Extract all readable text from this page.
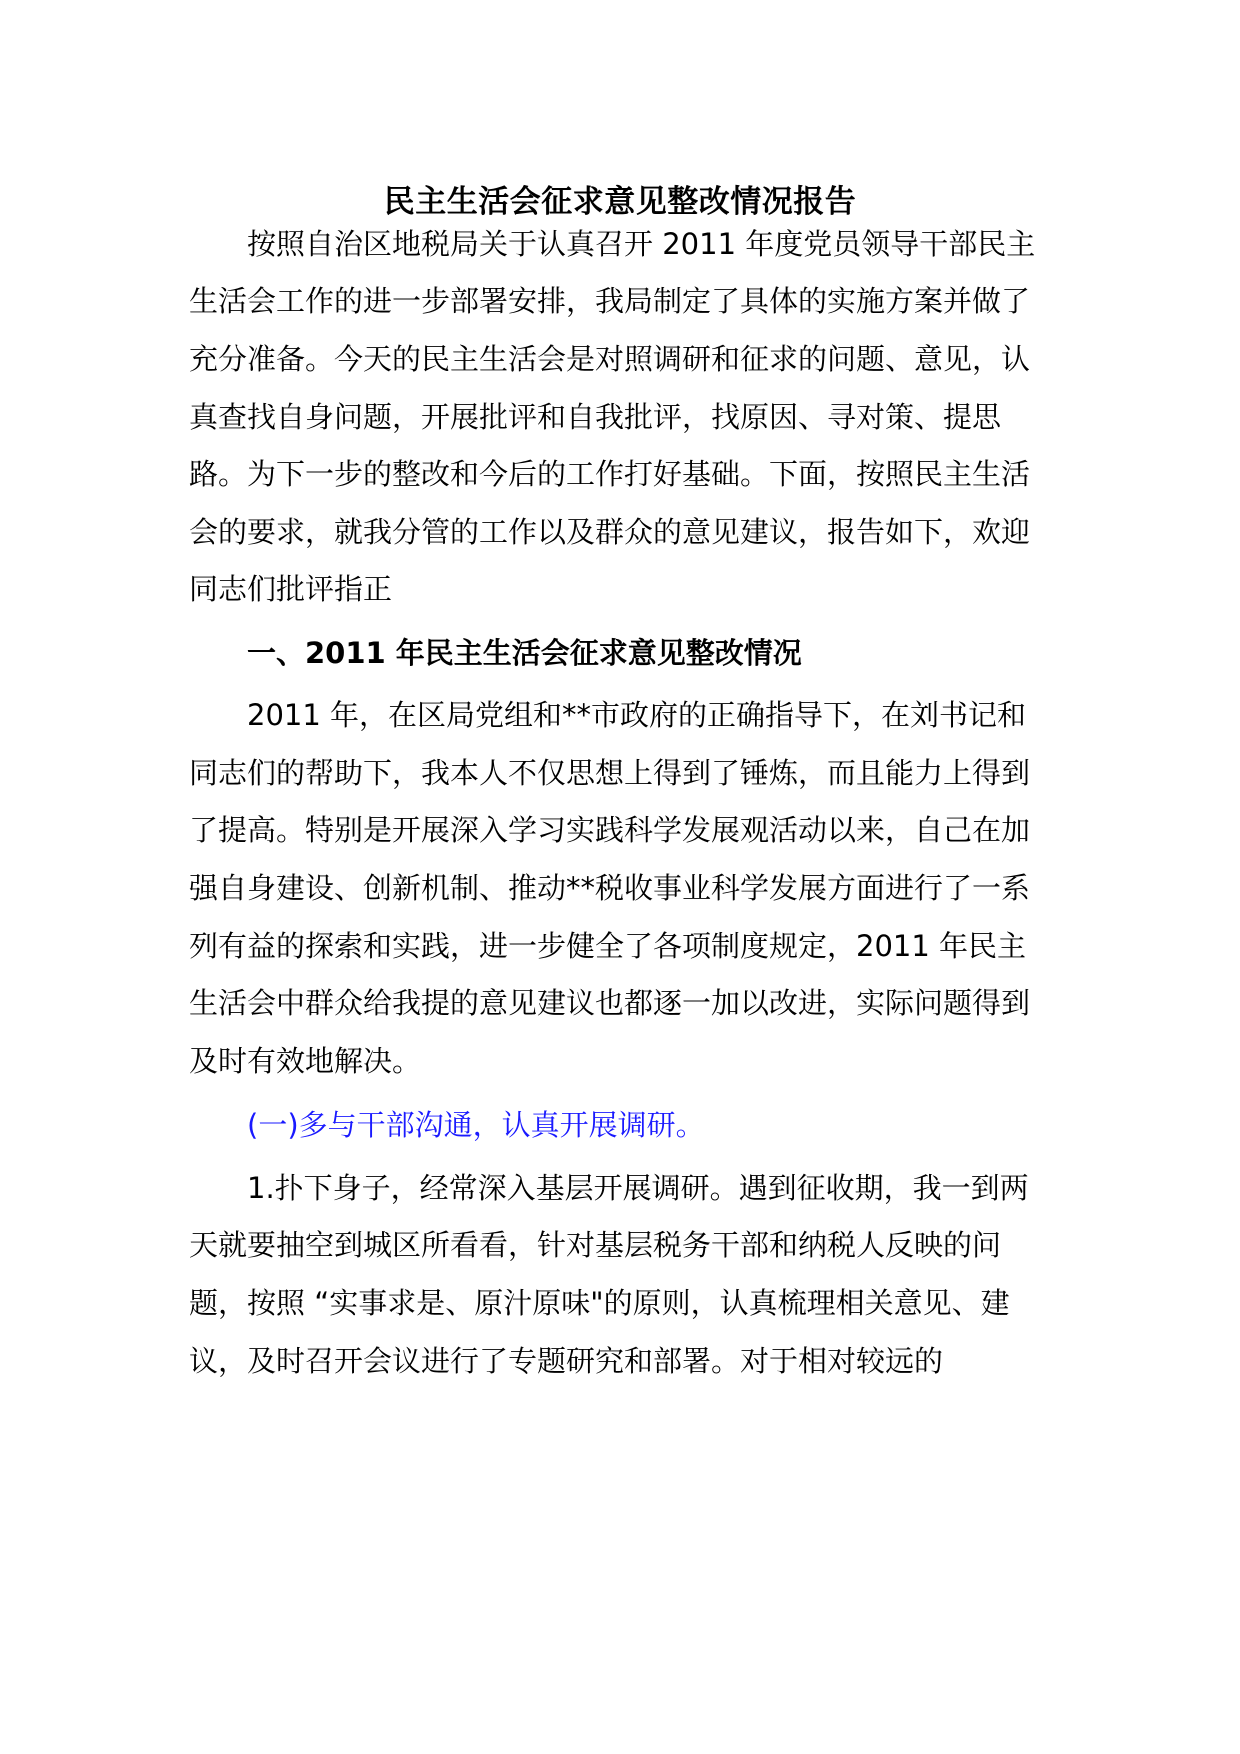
民主生活会征求意见整改情况报告
按照自治区地税局关于认真召开 2011 年度党员领导干部民主
生活会工作的进一步部署安排，我局制定了具体的实施方案并做了
充分准备。今天的民主生活会是对照调研和征求的问题、意见，认
真查找自身问题，开展批评和自我批评，找原因、寻对策、提思
路。为下一步的整改和今后的工作打好基础。下面，按照民主生活
会的要求，就我分管的工作以及群众的意见建议，报告如下，欢迎
同志们批评指正
一、2011 年民主生活会征求意见整改情况
2011 年，在区局党组和**市政府的正确指导下，在刘书记和
同志们的帮助下，我本人不仅思想上得到了锤炼，而且能力上得到
了提高。特别是开展深入学习实践科学发展观活动以来，自己在加
强自身建设、创新机制、推动**税收事业科学发展方面进行了一系
列有益的探索和实践，进一步健全了各项制度规定，2011 年民主
生活会中群众给我提的意见建议也都逐一加以改进，实际问题得到
及时有效地解决。
(一)多与干部沟通，认真开展调研。
1.扑下身子，经常深入基层开展调研。遇到征收期，我一到两
天就要抽空到城区所看看，针对基层税务干部和纳税人反映的问
题，按照 “实事求是、原汁原味"的原则，认真梳理相关意见、建
议，及时召开会议进行了专题研究和部署。对于相对较远的
